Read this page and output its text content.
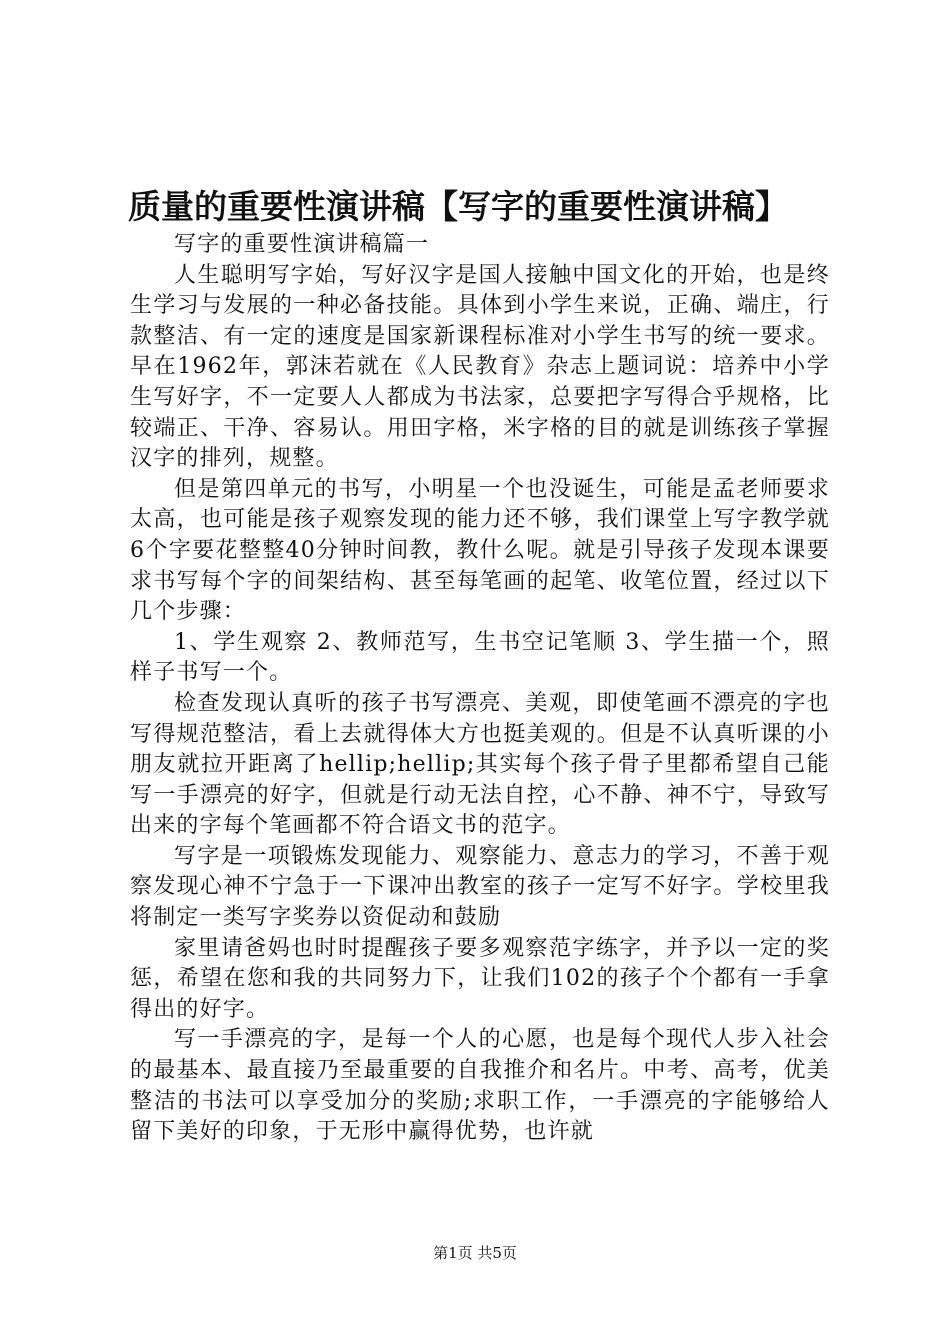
质量的重要性演讲稿【写字的重要性演讲稿】

写字的重要性演讲稿篇一

人生聪明写字始，写好汉字是国人接触中国文化的开始，也是终生学习与发展的一种必备技能。具体到小学生来说，正确、端庄，行款整洁、有一定的速度是国家新课程标准对小学生书写的统一要求。早在1962年，郭沫若就在《人民教育》杂志上题词说：培养中小学生写好字，不一定要人人都成为书法家，总要把字写得合乎规格，比较端正、干净、容易认。用田字格，米字格的目的就是训练孩子掌握汉字的排列，规整。

但是第四单元的书写，小明星一个也没诞生，可能是孟老师要求太高，也可能是孩子观察发现的能力还不够，我们课堂上写字教学就6个字要花整整40分钟时间教，教什么呢。就是引导孩子发现本课要求书写每个字的间架结构、甚至每笔画的起笔、收笔位置，经过以下几个步骤：

1、学生观察 2、教师范写，生书空记笔顺 3、学生描一个，照样子书写一个。

检查发现认真听的孩子书写漂亮、美观，即使笔画不漂亮的字也写得规范整洁，看上去就得体大方也挺美观的。但是不认真听课的小朋友就拉开距离了hellip;hellip;其实每个孩子骨子里都希望自己能写一手漂亮的好字，但就是行动无法自控，心不静、神不宁，导致写出来的字每个笔画都不符合语文书的范字。

写字是一项锻炼发现能力、观察能力、意志力的学习，不善于观察发现心神不宁急于一下课冲出教室的孩子一定写不好字。学校里我将制定一类写字奖券以资促动和鼓励

家里请爸妈也时时提醒孩子要多观察范字练字，并予以一定的奖惩，希望在您和我的共同努力下，让我们102的孩子个个都有一手拿得出的好字。

写一手漂亮的字，是每一个人的心愿，也是每个现代人步入社会的最基本、最直接乃至最重要的自我推介和名片。中考、高考，优美整洁的书法可以享受加分的奖励;求职工作，一手漂亮的字能够给人留下美好的印象，于无形中赢得优势，也许就

第1页 共5页
